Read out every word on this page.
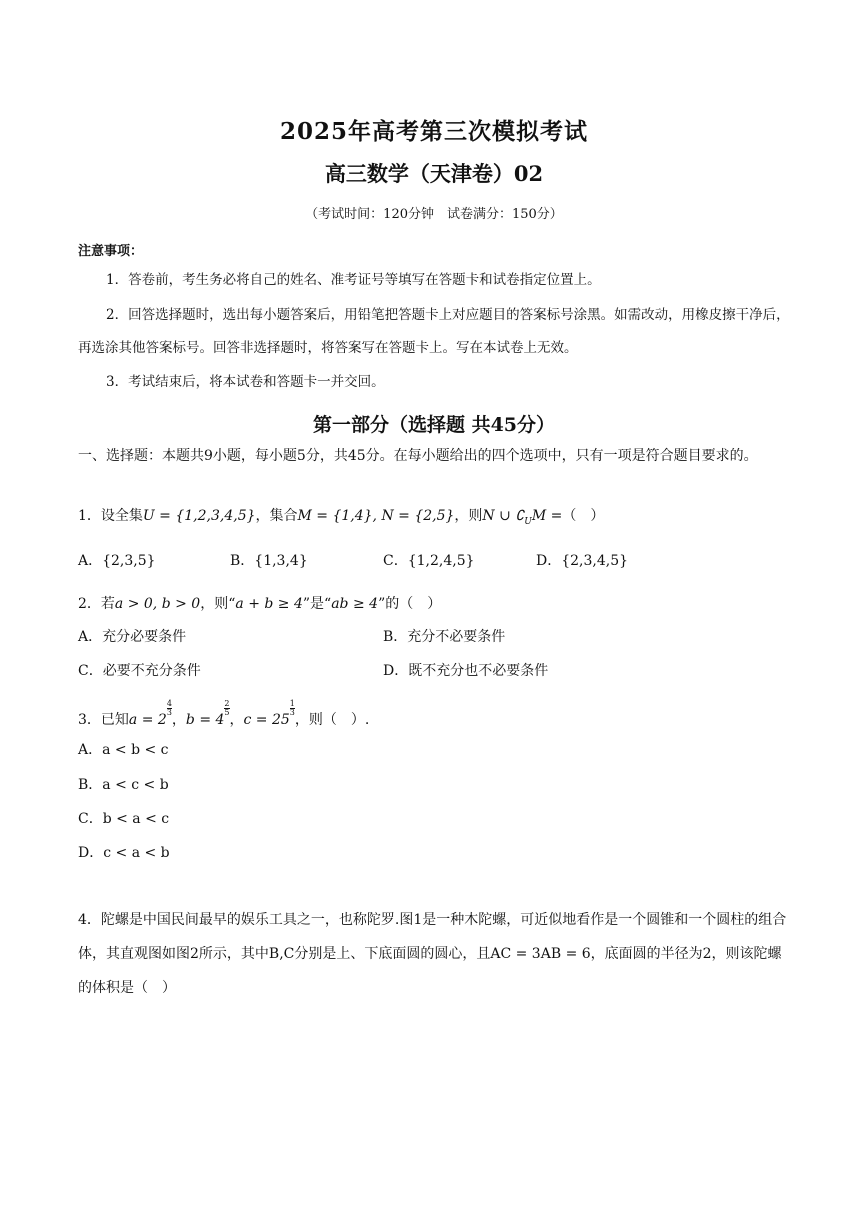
2025年高考第三次模拟考试
高三数学（天津卷）02
（考试时间：120分钟　试卷满分：150分）
注意事项：
1．答卷前，考生务必将自己的姓名、准考证号等填写在答题卡和试卷指定位置上。
2．回答选择题时，选出每小题答案后，用铅笔把答题卡上对应题目的答案标号涂黑。如需改动，用橡皮擦干净后，再选涂其他答案标号。回答非选择题时，将答案写在答题卡上。写在本试卷上无效。
3．考试结束后，将本试卷和答题卡一并交回。
第一部分（选择题 共45分）
一、选择题：本题共9小题，每小题5分，共45分。在每小题给出的四个选项中，只有一项是符合题目要求的。
1．设全集U = {1,2,3,4,5}，集合M = {1,4}, N = {2,5}，则N ∪ $∁_UM$ =（　）
A．{2,3,5}	B．{1,3,4}	C．{1,2,4,5}	D．{2,3,4,5}
2．若a > 0, b > 0，则“a + b ≥ 4”是“ab ≥ 4”的（　）
A．充分必要条件	B．充分不必要条件
C．必要不充分条件	D．既不充分也不必要条件
3．已知a = 2
$\frac{4}{3}$
，b = 4
$\frac{2}{5}$
，c = 25
$\frac{1}{3}$
，则（　）.
A．a < b < c
B．a < c < b
C．b < a < c
D．c < a < b
4．陀螺是中国民间最早的娱乐工具之一，也称陀罗.图1是一种木陀螺，可近似地看作是一个圆锥和一个圆柱的组合体，其直观图如图2所示，其中B,C分别是上、下底面圆的圆心，且AC = 3AB = 6，底面圆的半径为2，则该陀螺的体积是（　）
